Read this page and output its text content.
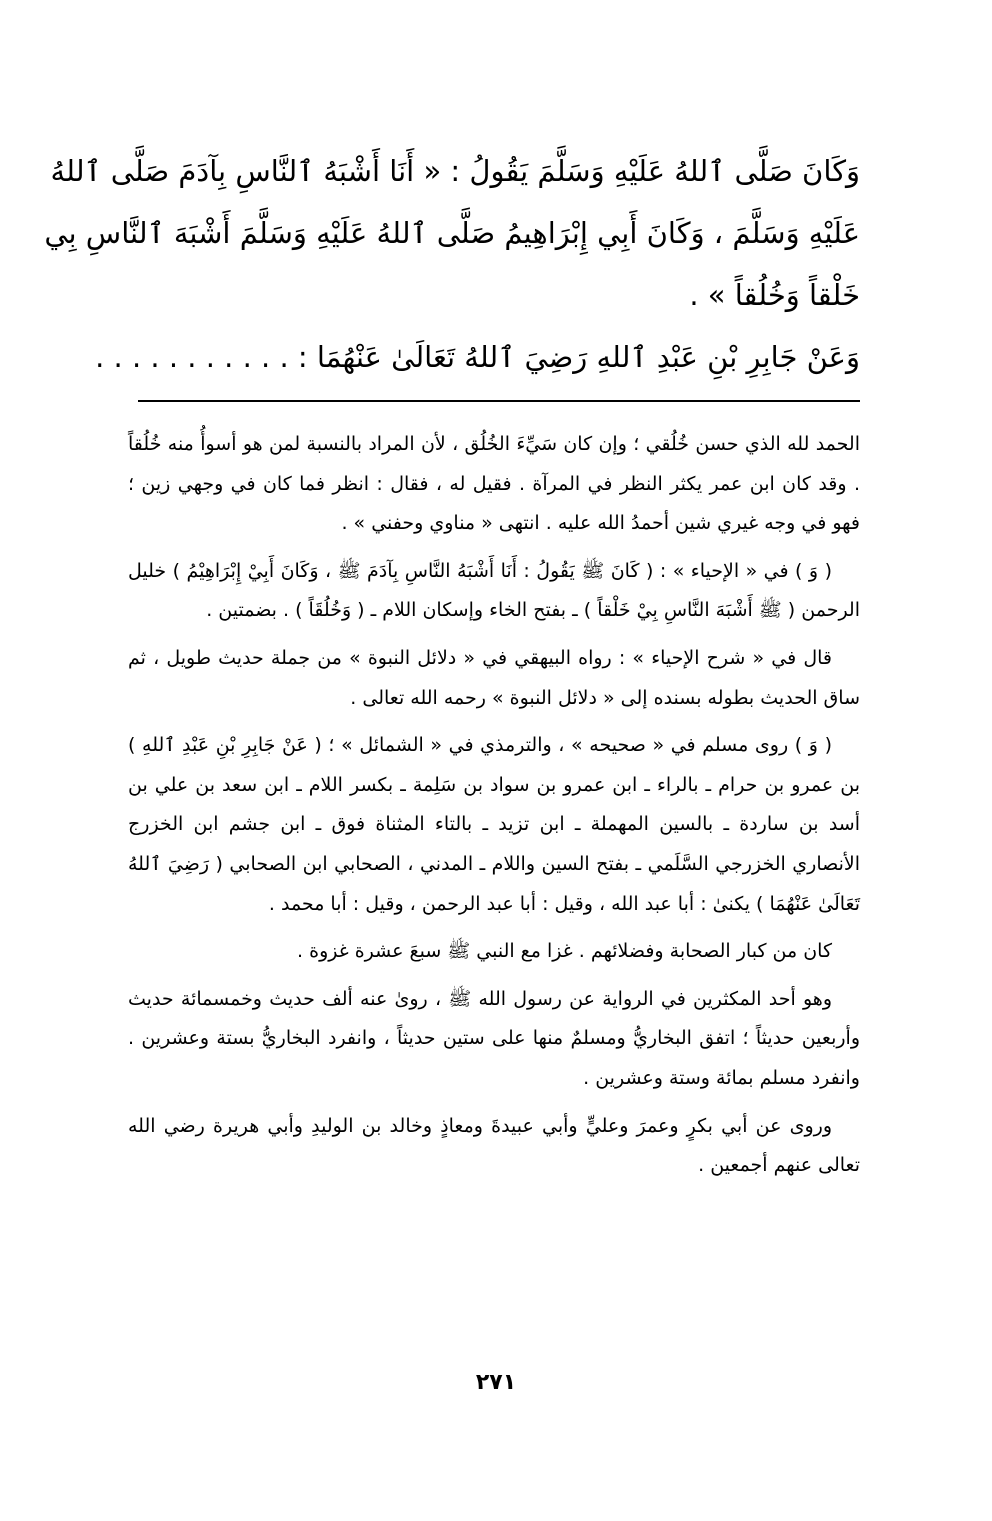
وَكَانَ صَلَّى ٱللهُ عَلَيْهِ وَسَلَّمَ يَقُولُ : « أَنَا أَشْبَهُ ٱلنَّاسِ بِآدَمَ صَلَّى ٱللهُ
عَلَيْهِ وَسَلَّمَ ، وَكَانَ أَبِي إِبْرَاهِيمُ صَلَّى ٱللهُ عَلَيْهِ وَسَلَّمَ أَشْبَهَ ٱلنَّاسِ بِي
خَلْقاً وَخُلُقاً » .
وَعَنْ جَابِرِ بْنِ عَبْدِ ٱللهِ رَضِيَ ٱللهُ تَعَالَىٰ عَنْهُمَا : . . . . . . . . . . .

الحمد لله الذي حسن خُلُقي ؛ وإن كان سَيِّءَ الخُلُق ، لأن المراد بالنسبة لمن هو أسوأُ منه خُلُقاً . وقد كان ابن عمر يكثر النظر في المرآة . فقيل له ، فقال : انظر فما كان في وجهي زين ؛ فهو في وجه غيري شين أحمدُ الله عليه . انتهى « مناوي وحفني » .

( وَ ) في « الإحياء » : ( كَانَ ﷺ يَقُولُ : أَنَا أَشْبَهُ النَّاسِ بِآدَمَ ﷺ ، وَكَانَ أَبِيْ إِبْرَاهِيْمُ ) خليل الرحمن ( ﷺ أَشْبَهَ النَّاسِ بِيْ خَلْقاً ) ـ بفتح الخاء وإسكان اللام ـ ( وَخُلُقَاً ) . بضمتين .

قال في « شرح الإحياء » : رواه البيهقي في « دلائل النبوة » من جملة حديث طويل ، ثم ساق الحديث بطوله بسنده إلى « دلائل النبوة » رحمه الله تعالى .

( وَ ) روى مسلم في « صحيحه » ، والترمذي في « الشمائل » ؛ ( عَنْ جَابِرِ بْنِ عَبْدِ ٱللهِ ) بن عمرو بن حرام ـ بالراء ـ ابن عمرو بن سواد بن سَلِمة ـ بكسر اللام ـ ابن سعد بن علي بن أسد بن ساردة ـ بالسين المهملة ـ ابن تزيد ـ بالتاء المثناة فوق ـ ابن جشم ابن الخزرج الأنصاري الخزرجي السَّلَمي ـ بفتح السين واللام ـ المدني ، الصحابي ابن الصحابي ( رَضِيَ ٱللهُ تَعَالَىٰ عَنْهُمَا ) يكنىٰ : أبا عبد الله ، وقيل : أبا عبد الرحمن ، وقيل : أبا محمد .

كان من كبار الصحابة وفضلائهم . غزا مع النبي ﷺ سبعَ عشرة غزوة .

وهو أحد المكثرين في الرواية عن رسول الله ﷺ ، روىٰ عنه ألف حديث وخمسمائة حديث وأربعين حديثاً ؛ اتفق البخاريُّ ومسلمٌ منها على ستين حديثاً ، وانفرد البخاريُّ بستة وعشرين . وانفرد مسلم بمائة وستة وعشرين .

وروى عن أبي بكرٍ وعمرَ وعليٍّ وأبي عبيدةَ ومعاذٍ وخالد بن الوليدِ وأبي هريرة رضي الله تعالى عنهم أجمعين .

٢٧١
